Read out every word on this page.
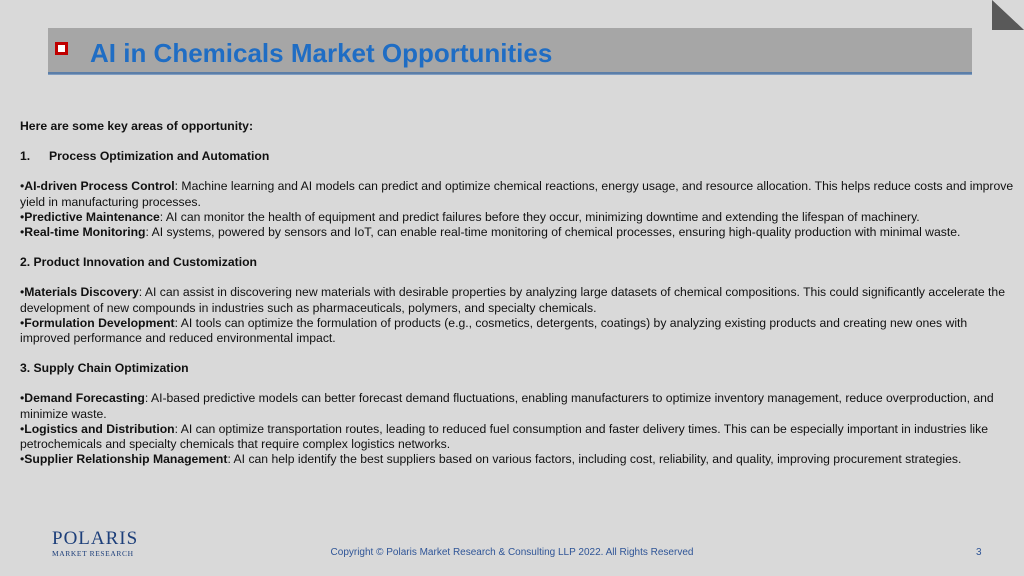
AI in Chemicals Market Opportunities

Here are some key areas of opportunity:

1. Process Optimization and Automation

•AI-driven Process Control: Machine learning and AI models can predict and optimize chemical reactions, energy usage, and resource allocation. This helps reduce costs and improve yield in manufacturing processes.

•Predictive Maintenance: AI can monitor the health of equipment and predict failures before they occur, minimizing downtime and extending the lifespan of machinery.

•Real-time Monitoring: AI systems, powered by sensors and IoT, can enable real-time monitoring of chemical processes, ensuring high-quality production with minimal waste.

2. Product Innovation and Customization

•Materials Discovery: AI can assist in discovering new materials with desirable properties by analyzing large datasets of chemical compositions. This could significantly accelerate the development of new compounds in industries such as pharmaceuticals, polymers, and specialty chemicals.

•Formulation Development: AI tools can optimize the formulation of products (e.g., cosmetics, detergents, coatings) by analyzing existing products and creating new ones with improved performance and reduced environmental impact.

3. Supply Chain Optimization

•Demand Forecasting: AI-based predictive models can better forecast demand fluctuations, enabling manufacturers to optimize inventory management, reduce overproduction, and minimize waste.

•Logistics and Distribution: AI can optimize transportation routes, leading to reduced fuel consumption and faster delivery times. This can be especially important in industries like petrochemicals and specialty chemicals that require complex logistics networks.

•Supplier Relationship Management: AI can help identify the best suppliers based on various factors, including cost, reliability, and quality, improving procurement strategies.

POLARIS
MARKET RESEARCH	Copyright © Polaris Market Research & Consulting LLP 2022. All Rights Reserved	3
